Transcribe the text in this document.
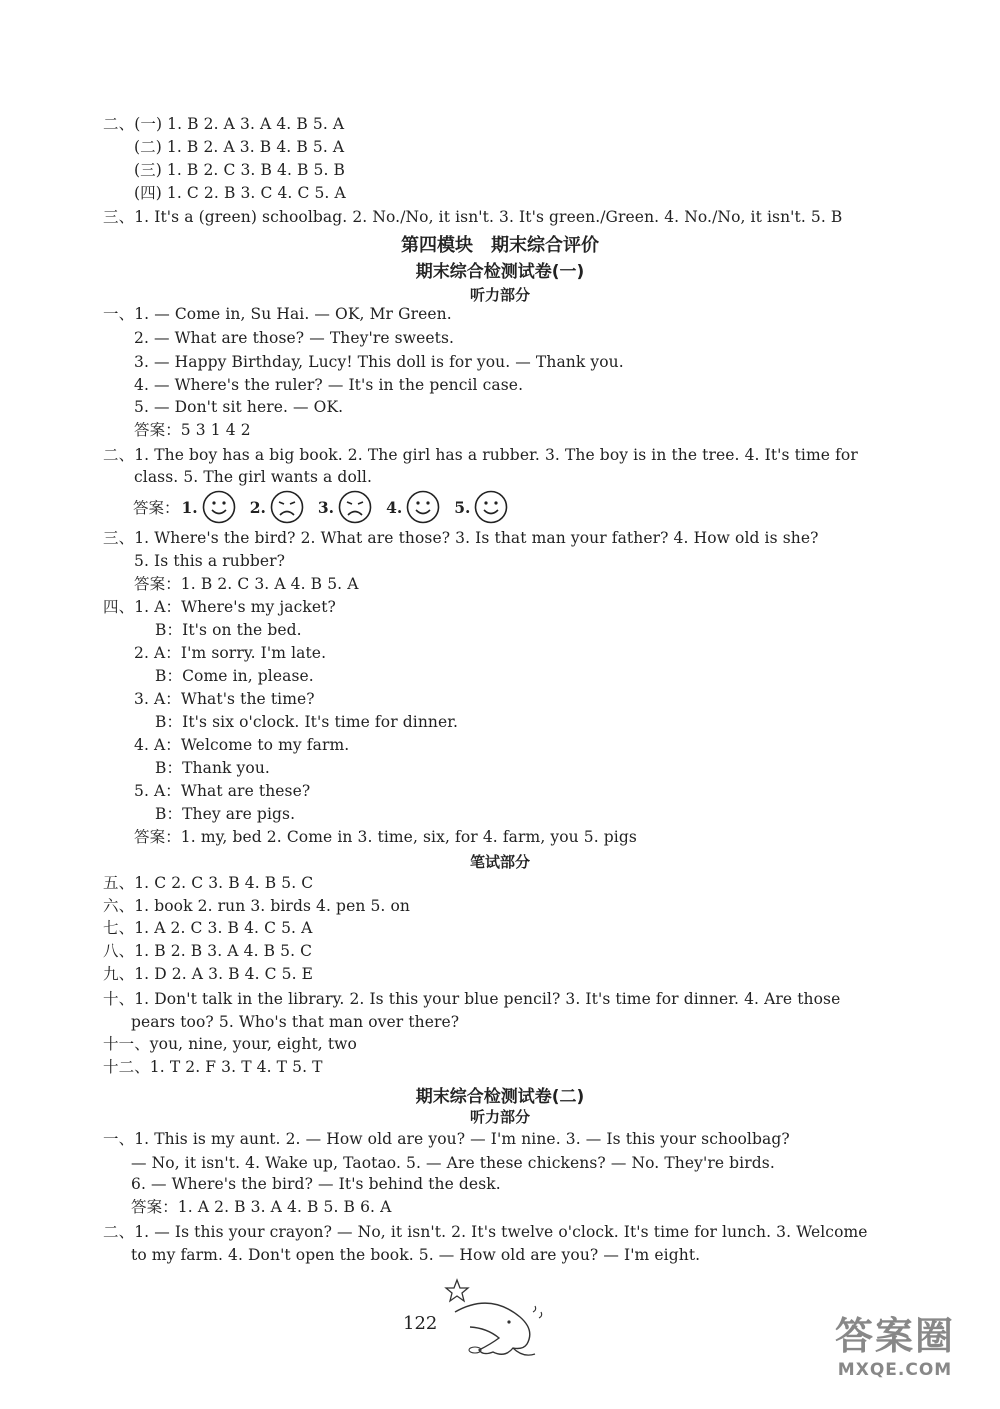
二、(一) 1. B 2. A 3. A 4. B 5. A
(二) 1. B 2. A 3. B 4. B 5. A
(三) 1. B 2. C 3. B 4. B 5. B
(四) 1. C 2. B 3. C 4. C 5. A
三、1. It's a (green) schoolbag. 2. No./No, it isn't. 3. It's green./Green. 4. No./No, it isn't. 5. B
第四模块　期末综合评价
期末综合检测试卷(一)
听力部分
一、1. — Come in, Su Hai. — OK, Mr Green.
2. — What are those? — They're sweets.
3. — Happy Birthday, Lucy! This doll is for you. — Thank you.
4. — Where's the ruler? — It's in the pencil case.
5. — Don't sit here. — OK.
答案：5 3 1 4 2
二、1. The boy has a big book. 2. The girl has a rubber. 3. The boy is in the tree. 4. It's time for
class. 5. The girl wants a doll.
答案： 1.	2.	3.	4.	5.
三、1. Where's the bird? 2. What are those? 3. Is that man your father? 4. How old is she?
5. Is this a rubber?
答案：1. B 2. C 3. A 4. B 5. A
四、1. A：Where's my jacket?
B：It's on the bed.
2. A：I'm sorry. I'm late.
B：Come in, please.
3. A：What's the time?
B：It's six o'clock. It's time for dinner.
4. A：Welcome to my farm.
B：Thank you.
5. A：What are these?
B：They are pigs.
答案：1. my, bed 2. Come in 3. time, six, for 4. farm, you 5. pigs
笔试部分
五、1. C 2. C 3. B 4. B 5. C
六、1. book 2. run 3. birds 4. pen 5. on
七、1. A 2. C 3. B 4. C 5. A
八、1. B 2. B 3. A 4. B 5. C
九、1. D 2. A 3. B 4. C 5. E
十、1. Don't talk in the library. 2. Is this your blue pencil? 3. It's time for dinner. 4. Are those
pears too? 5. Who's that man over there?
十一、you, nine, your, eight, two
十二、1. T 2. F 3. T 4. T 5. T
期末综合检测试卷(二)
听力部分
一、1. This is my aunt. 2. — How old are you? — I'm nine. 3. — Is this your schoolbag?
— No, it isn't. 4. Wake up, Taotao. 5. — Are these chickens? — No. They're birds.
6. — Where's the bird? — It's behind the desk.
答案：1. A 2. B 3. A 4. B 5. B 6. A
二、1. — Is this your crayon? — No, it isn't. 2. It's twelve o'clock. It's time for lunch. 3. Welcome
to my farm. 4. Don't open the book. 5. — How old are you? — I'm eight.
122	答案圈
MXQE.COM
